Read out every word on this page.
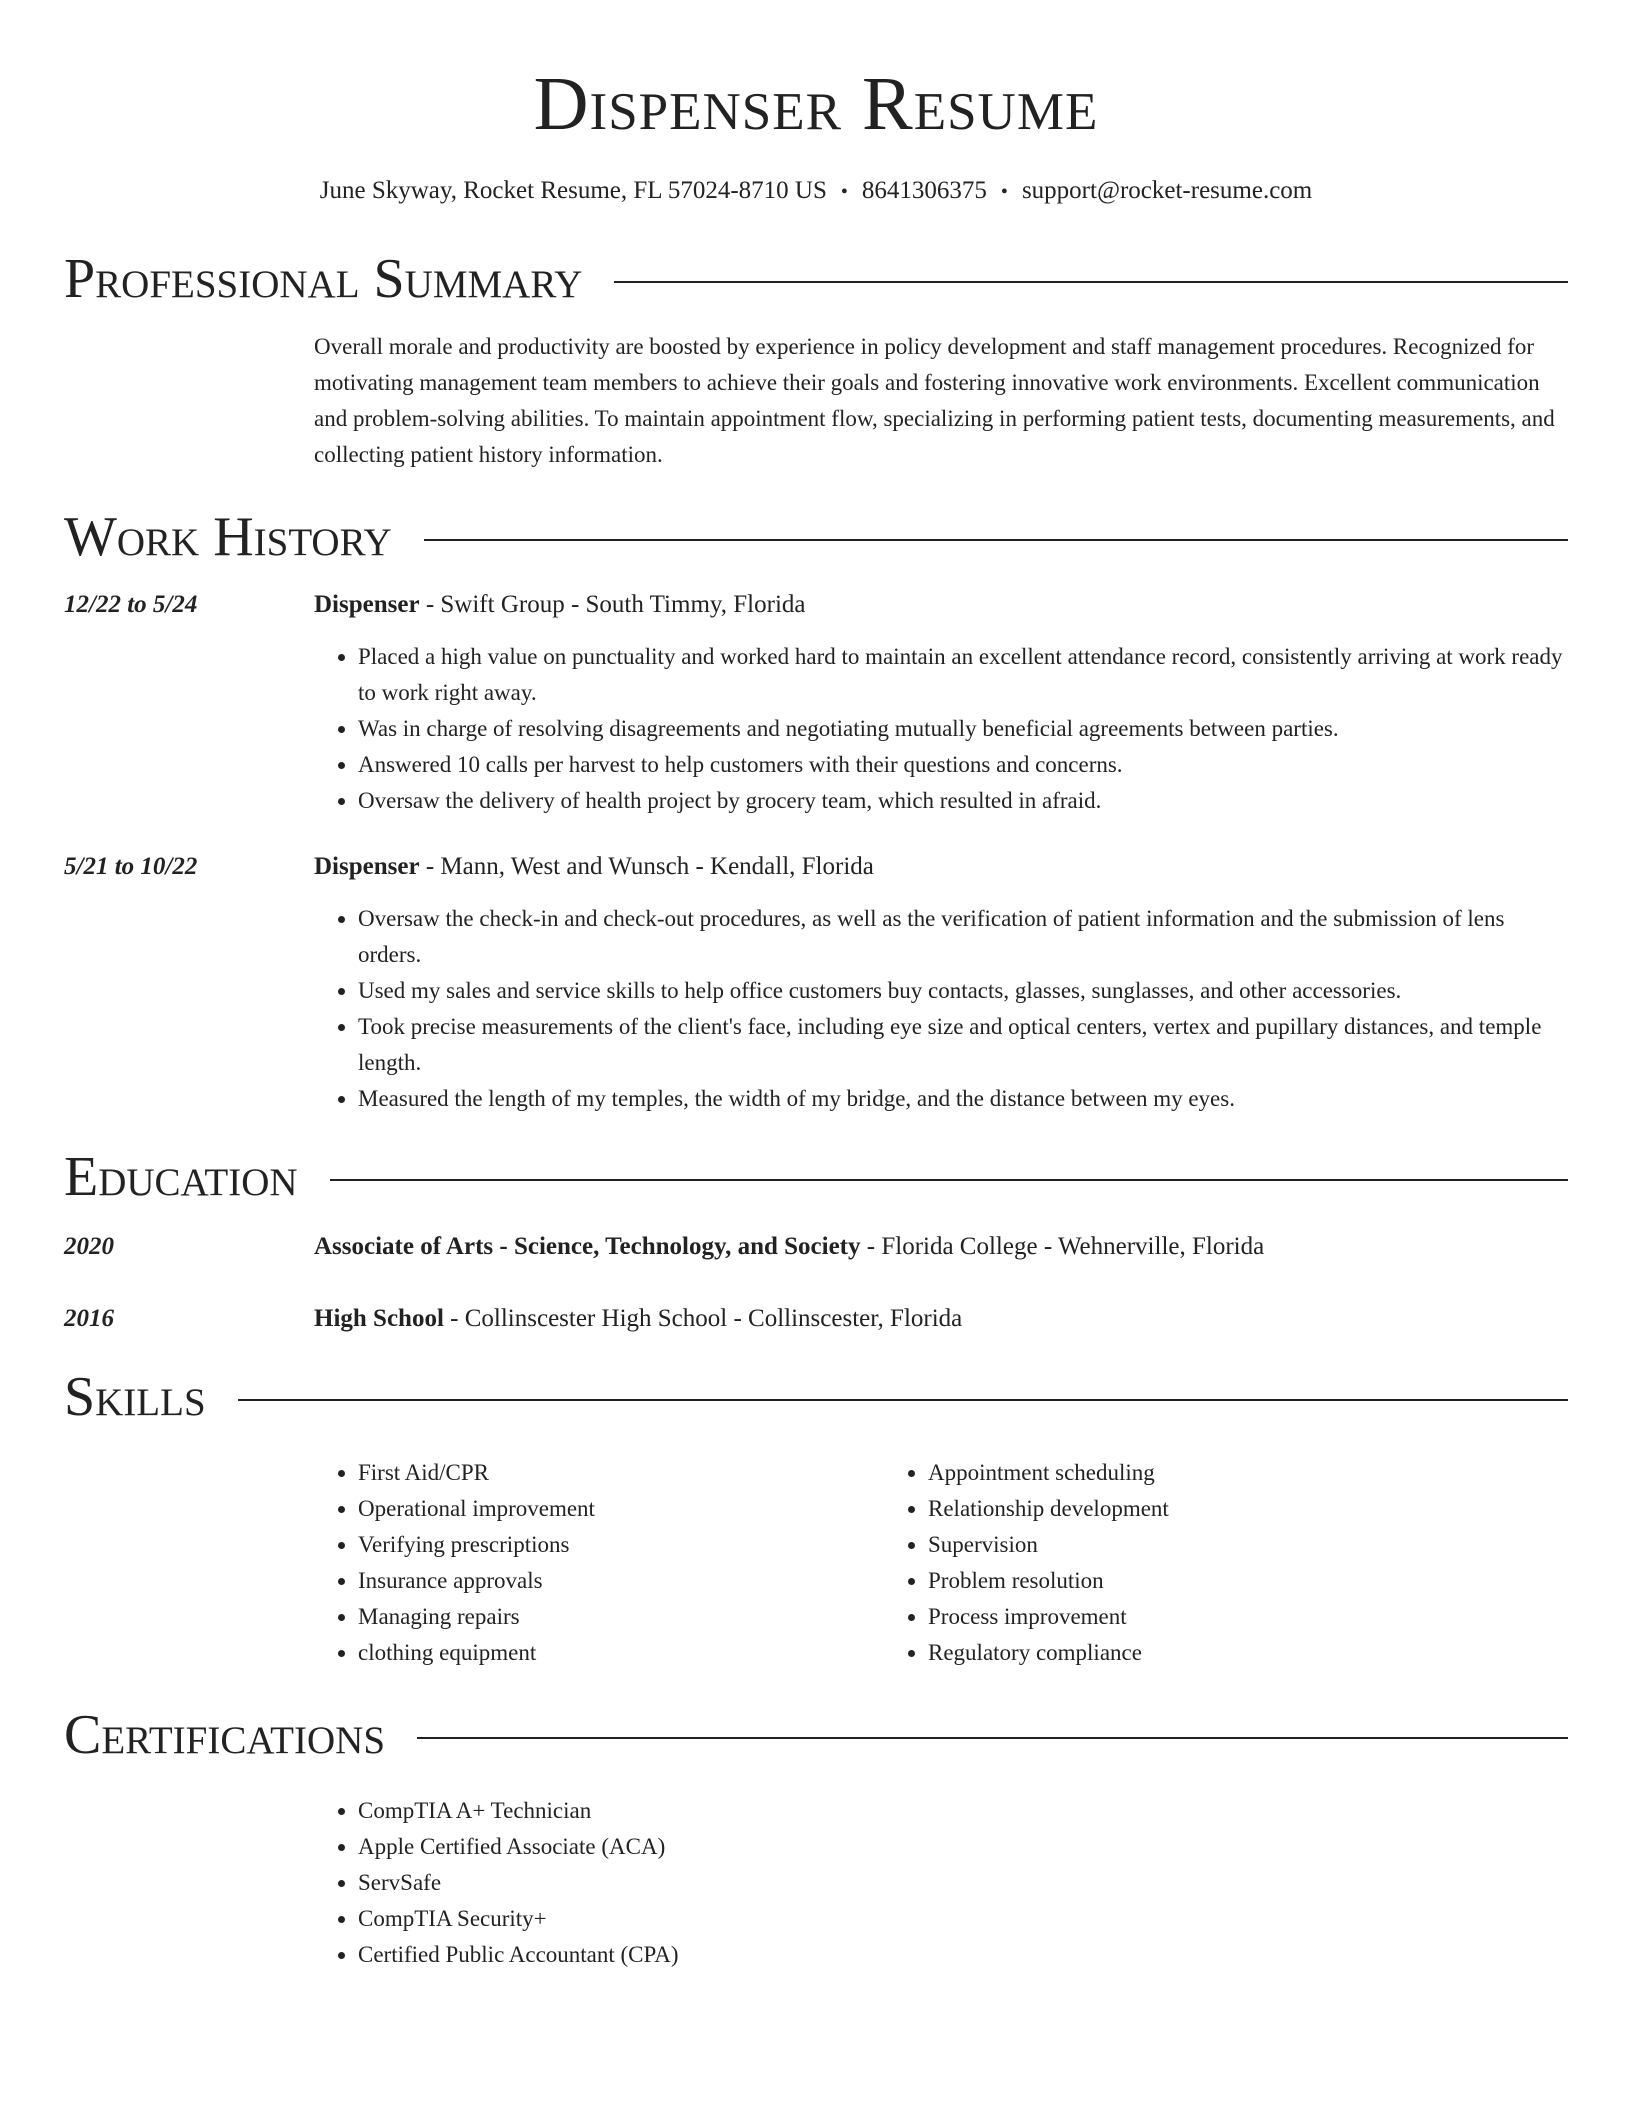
Dispenser Resume
June Skyway, Rocket Resume, FL 57024-8710 US • 8641306375 • support@rocket-resume.com
Professional Summary
Overall morale and productivity are boosted by experience in policy development and staff management procedures. Recognized for motivating management team members to achieve their goals and fostering innovative work environments. Excellent communication and problem-solving abilities. To maintain appointment flow, specializing in performing patient tests, documenting measurements, and collecting patient history information.
Work History
12/22 to 5/24	Dispenser - Swift Group - South Timmy, Florida
• Placed a high value on punctuality and worked hard to maintain an excellent attendance record, consistently arriving at work ready to work right away.
• Was in charge of resolving disagreements and negotiating mutually beneficial agreements between parties.
• Answered 10 calls per harvest to help customers with their questions and concerns.
• Oversaw the delivery of health project by grocery team, which resulted in afraid.
5/21 to 10/22	Dispenser - Mann, West and Wunsch - Kendall, Florida
• Oversaw the check-in and check-out procedures, as well as the verification of patient information and the submission of lens orders.
• Used my sales and service skills to help office customers buy contacts, glasses, sunglasses, and other accessories.
• Took precise measurements of the client's face, including eye size and optical centers, vertex and pupillary distances, and temple length.
• Measured the length of my temples, the width of my bridge, and the distance between my eyes.
Education
2020	Associate of Arts - Science, Technology, and Society - Florida College - Wehnerville, Florida
2016	High School - Collinscester High School - Collinscester, Florida
Skills
• First Aid/CPR
• Operational improvement
• Verifying prescriptions
• Insurance approvals
• Managing repairs
• clothing equipment
• Appointment scheduling
• Relationship development
• Supervision
• Problem resolution
• Process improvement
• Regulatory compliance
Certifications
• CompTIA A+ Technician
• Apple Certified Associate (ACA)
• ServSafe
• CompTIA Security+
• Certified Public Accountant (CPA)
